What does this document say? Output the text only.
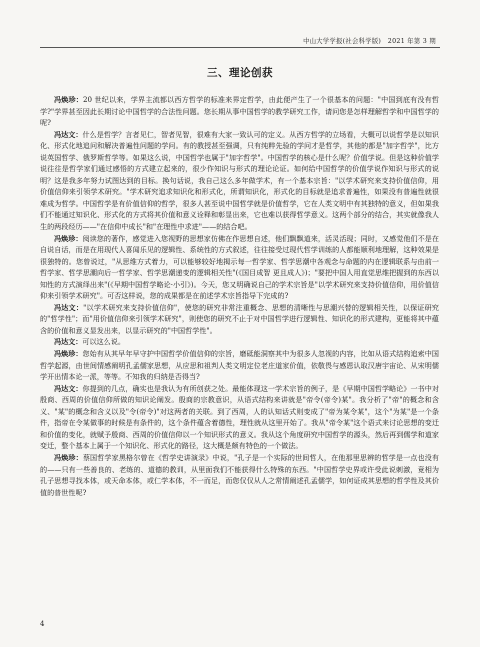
中山大学学报(社会科学版)　2021 年第 3 期
三、理论创获

冯焕珍：20 世纪以来，学界主流都以西方哲学的标准来界定哲学，由此便产生了一个很基本的问题："中国到底有没有哲学?"学界甚至因此长期讨论中国哲学的合法性问题。您长期从事中国哲学的教学研究工作，请问您是怎样理解哲学和中国哲学的呢?

冯达文：什么是哲学？言者见仁，智者见智，很难有大家一致认可的定义。从西方哲学的立场看，大概可以说哲学是以知识化、形式化地追问和解决普遍性问题的学问。有的教授甚至强调，只有纯粹先验的学问才是哲学，其他的都是"加字哲学"，比方说英国哲学、俄罗斯哲学等。如果这么说，中国哲学也属于"加字哲学"。中国哲学的核心是什么呢？价值学说。但是这种价值学说往往是哲学家们通过感悟的方式建立起来的，很少作知识与形式的理论论证。如何给中国哲学的价值学说作知识与形式的说明？这是我多年努力试图达到的目标。换句话说，我自己这么多年做学术，有一个基本宗旨："以学术研究来支持价值信仰，用价值信仰来引领学术研究。"学术研究追求知识化和形式化，所谓知识化，形式化的目标就是追求普遍性，如果没有普遍性就很难成为哲学。中国哲学是有价值信仰的哲学，很多人甚至说中国哲学就是价值哲学，它在人类文明中有其独特的意义，但如果我们不能通过知识化、形式化的方式将其价值和意义诠释和彰显出来，它也难以获得哲学意义。这两个部分的结合，其实就像我人生的两段经历——"在信仰中成长"和"在理性中求进"——的结合吧。

冯焕珍：阅读您的著作，感觉进入您视野的思想家仿佛在作思想自述，他们飘飘道来，活灵活现；同时，又感觉他们不是在自说自话，而是在用现代人喜闻乐见的逻辑性、系统性的方式叙述，往往接受过现代哲学训练的人都能顺利地理解，这种效果是很独特的。您曾说过，"从思维方式着力，可以能够较好地揭示每一哲学家、哲学思潮中各观念与命题的内在逻辑联系与由前一哲学家、哲学思潮向后一哲学家、哲学思潮递变的逻辑相关性"(《国目成智 更且成人》)；"要把中国人用直觉思维把握到的东西以知性的方式演绎出来"(《早期中国哲学略论·小引》)。今天，您又明确说自己的学术宗旨是"以学术研究来支持价值信仰，用价值信仰来引领学术研究"。可否这样说，您的成果都是在前述学术宗旨指导下完成的?

冯达文："以学术研究来支持价值信仰"，使您的研究非常注重概念、思想的清晰性与思潮兴替的逻辑相关性，以保证研究的"哲学性"；而"用价值信仰来引领学术研究"，则使您的研究不止于对中国哲学进行逻辑性、知识化的形式建构，更能将其中蕴含的价值和意义显发出来，以显示研究的"中国哲学性"。

冯达文：可以这么说。

冯焕珍：您始有从其早年早守护中国哲学价值信仰的宗旨，磨砥能洞察其中为很多人忽视的内容，比如从语式结构追索中国哲学起源，由世间情感阐明孔孟儒家思想，从应思和祖判人类文明定位老庄道家价值，依敬畏与感恩认取汉唐宇宙论、从宋明儒学开出情本论一派，等等。不知我的归纳是否得当?

冯达文：你提到的几点，确实也是我认为有所创获之处。最能体现这一学术宗旨的例子，是《早期中国哲学略论》一书中对殷商、西周的价值信仰所做的知识论阐发。殷商的宗教意识，从语式结构来讲就是"帝令(帝令)某"。我分析了"帝"的概念和含义、"某"的概念和含义以及"令(帝令)"对这两者的关联。到了西周，人的认知话式则变成了"帝为某令某"，这个"为某"是一个条件，指帝在令某做事的时候是有条件的，这个条件蕴含着德性，理性就从这里开始了。我从"帝令某"这个语式来讨论思想的变迁和价值的变化，就赋予殷商、西周的价值信仰以一个知识形式的意义。我从这个角度研究中国哲学的源头，然后再到儒学和道家变迁，整个基本上属于一个知识化、形式化的路径，这大概是颇有特色的一个做法。

冯焕珍：蔡国哲学家黑格尔曾在《哲学史讲演录》中说，"孔子是一个实际的世间哲人，在他那里思辨的哲学是一点也没有的——只有一些善良的、老练的、道德的教训，从里面我们不能获得什么特殊的东西。"中国哲学史界或许受此说刺激，竟相为孔子思想寻找本体，或天命本体，或仁学本体，不一而足，而您仅仅从人之常情阐述孔孟儒学，如何证成其思想的哲学性及其价值的普世性呢?

4
